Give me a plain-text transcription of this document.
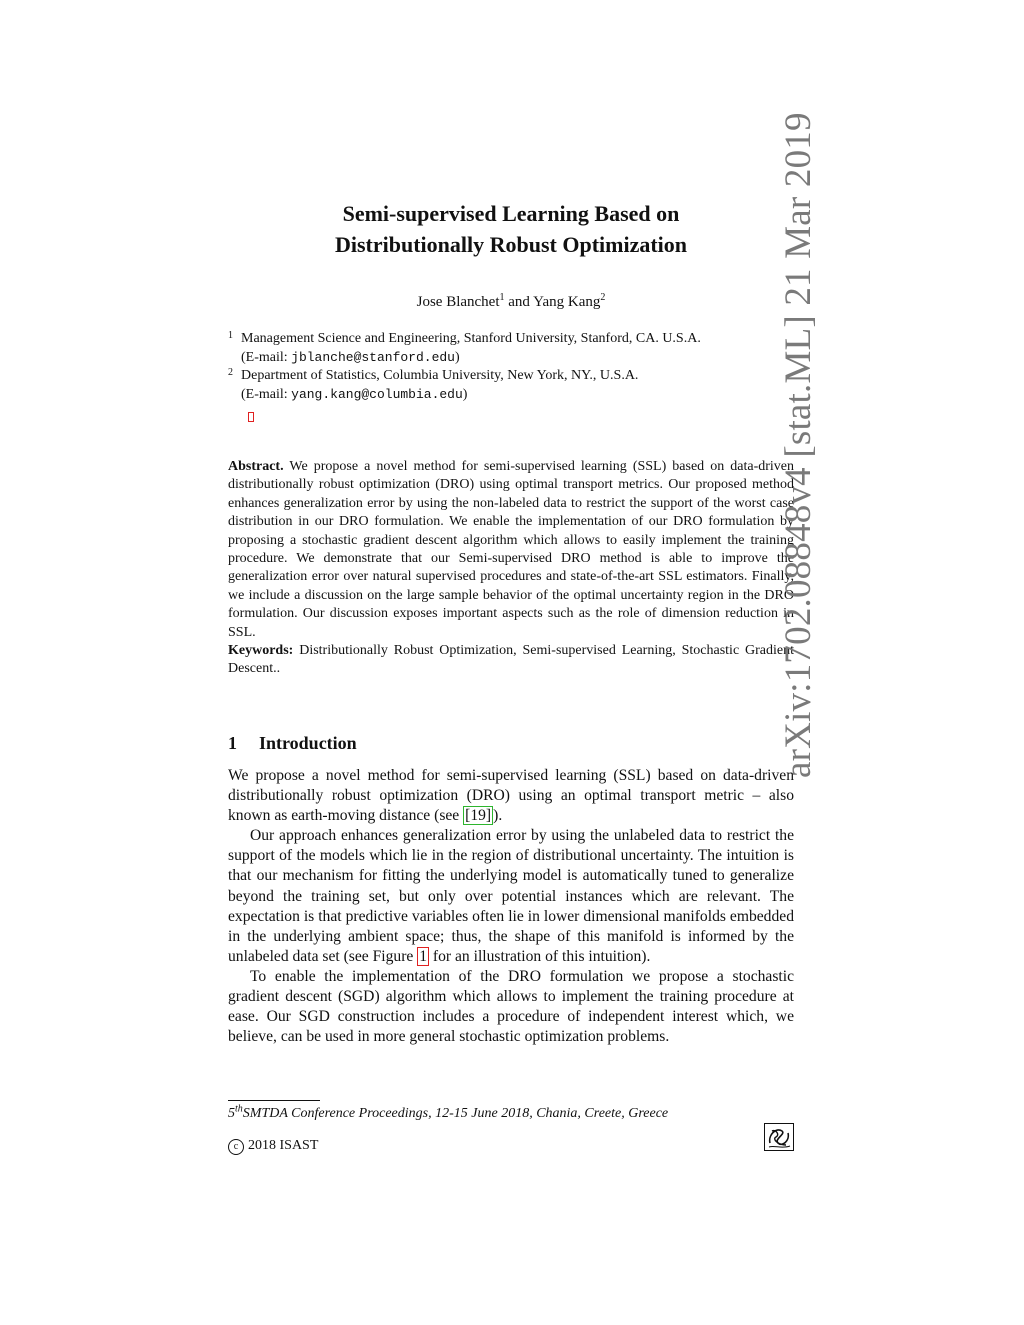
Semi-supervised Learning Based on
Distributionally Robust Optimization
Jose Blanchet$^1$ and Yang Kang$^2$
1 Management Science and Engineering, Stanford University, Stanford, CA. U.S.A.
(E-mail: jblanche@stanford.edu)
2 Department of Statistics, Columbia University, New York, NY., U.S.A.
(E-mail: yang.kang@columbia.edu)
Abstract. We propose a novel method for semi-supervised learning (SSL) based on data-driven distributionally robust optimization (DRO) using optimal transport metrics. Our proposed method enhances generalization error by using the non-labeled data to restrict the support of the worst case distribution in our DRO formulation. We enable the implementation of our DRO formulation by proposing a stochastic gradient descent algorithm which allows to easily implement the training procedure. We demonstrate that our Semi-supervised DRO method is able to improve the generalization error over natural supervised procedures and state-of-the-art SSL estimators. Finally, we include a discussion on the large sample behavior of the optimal uncertainty region in the DRO formulation. Our discussion exposes important aspects such as the role of dimension reduction in SSL.
Keywords: Distributionally Robust Optimization, Semi-supervised Learning, Stochastic Gradient Descent..
1 Introduction

We propose a novel method for semi-supervised learning (SSL) based on data-driven distributionally robust optimization (DRO) using an optimal transport metric – also known as earth-moving distance (see [19] ).

Our approach enhances generalization error by using the unlabeled data to restrict the support of the models which lie in the region of distributional uncertainty. The intuition is that our mechanism for fitting the underlying model is automatically tuned to generalize beyond the training set, but only over potential instances which are relevant. The expectation is that predictive variables often lie in lower dimensional manifolds embedded in the underlying ambient space; thus, the shape of this manifold is informed by the unlabeled data set (see Figure 1 for an illustration of this intuition).

To enable the implementation of the DRO formulation we propose a stochastic gradient descent (SGD) algorithm which allows to implement the training procedure at ease. Our SGD construction includes a procedure of independent interest which, we believe, can be used in more general stochastic optimization problems.

5thSMTDA Conference Proceedings, 12-15 June 2018, Chania, Creete, Greece
c 2018 ISAST
arXiv:1702.08848v4 [stat.ML] 21 Mar 2019
